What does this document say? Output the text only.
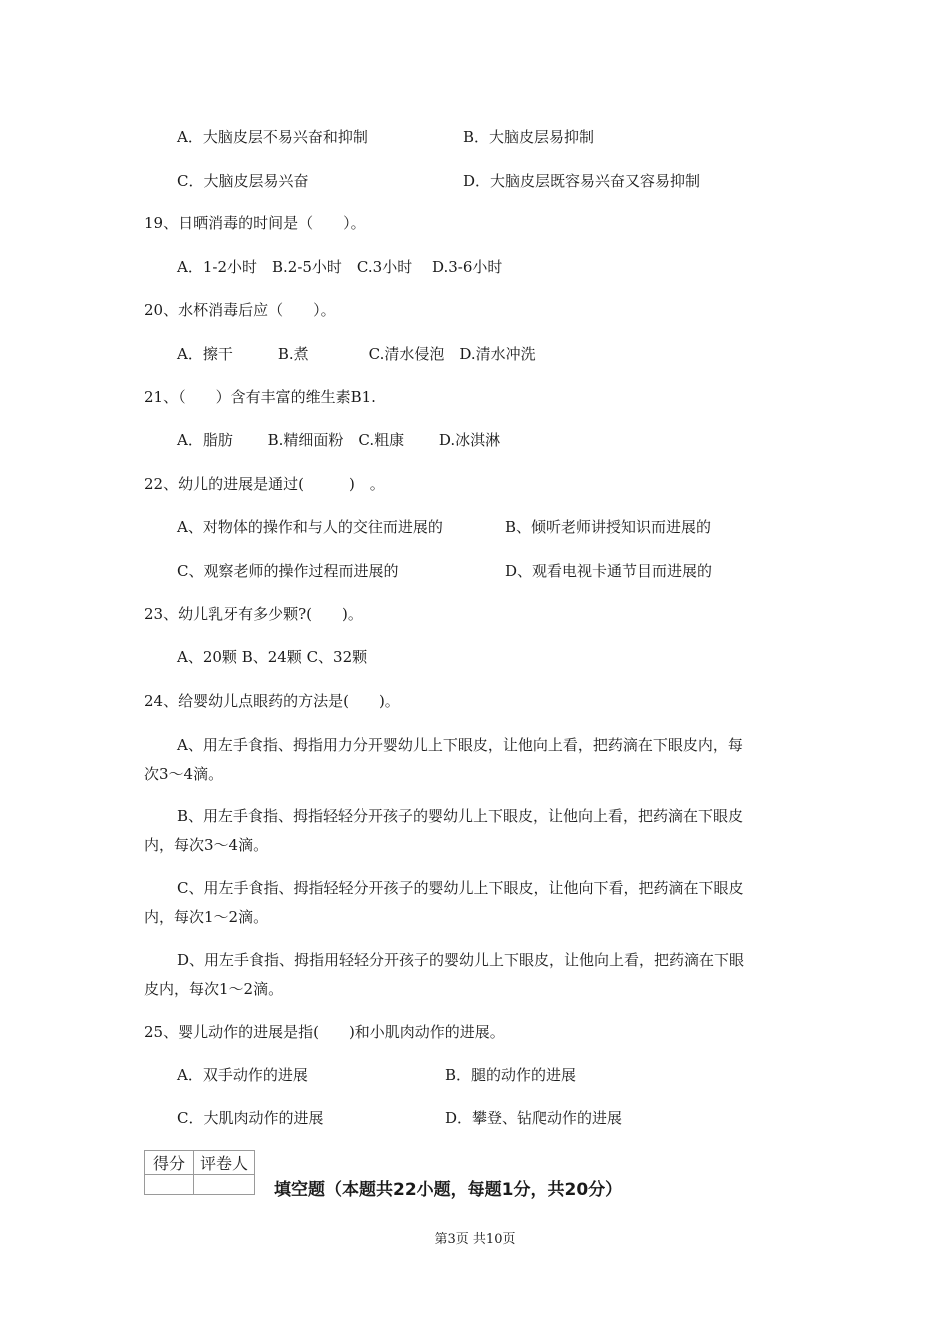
A．大脑皮层不易兴奋和抑制	B．大脑皮层易抑制
C．大脑皮层易兴奋	D．大脑皮层既容易兴奋又容易抑制
19、日晒消毒的时间是（　　）。
A．1-2小时　B.2-5小时　C.3小时　 D.3-6小时
20、水杯消毒后应（　　）。
A．擦干　　　B.煮　　　　C.清水侵泡　D.清水冲洗
21、（　　）含有丰富的维生素B1.
A．脂肪　　 B.精细面粉　C.粗康　　 D.冰淇淋
22、幼儿的进展是通过(　　　)　。
A、对物体的操作和与人的交往而进展的	B、倾听老师讲授知识而进展的
C、观察老师的操作过程而进展的	D、观看电视卡通节目而进展的
23、幼儿乳牙有多少颗?(　　)。
A、20颗 B、24颗 C、32颗
24、给婴幼儿点眼药的方法是(　　)。
A、用左手食指、拇指用力分开婴幼儿上下眼皮，让他向上看，把药滴在下眼皮内，每
次3～4滴。
B、用左手食指、拇指轻轻分开孩子的婴幼儿上下眼皮，让他向上看，把药滴在下眼皮
内，每次3～4滴。
C、用左手食指、拇指轻轻分开孩子的婴幼儿上下眼皮，让他向下看，把药滴在下眼皮
内，每次1～2滴。
D、用左手食指、拇指用轻轻分开孩子的婴幼儿上下眼皮，让他向上看，把药滴在下眼
皮内，每次1～2滴。
25、婴儿动作的进展是指(　　)和小肌肉动作的进展。
A．双手动作的进展	B．腿的动作的进展
C．大肌肉动作的进展	D．攀登、钻爬动作的进展
得分	评卷人

填空题（本题共22小题，每题1分，共20分）
第3页 共10页
